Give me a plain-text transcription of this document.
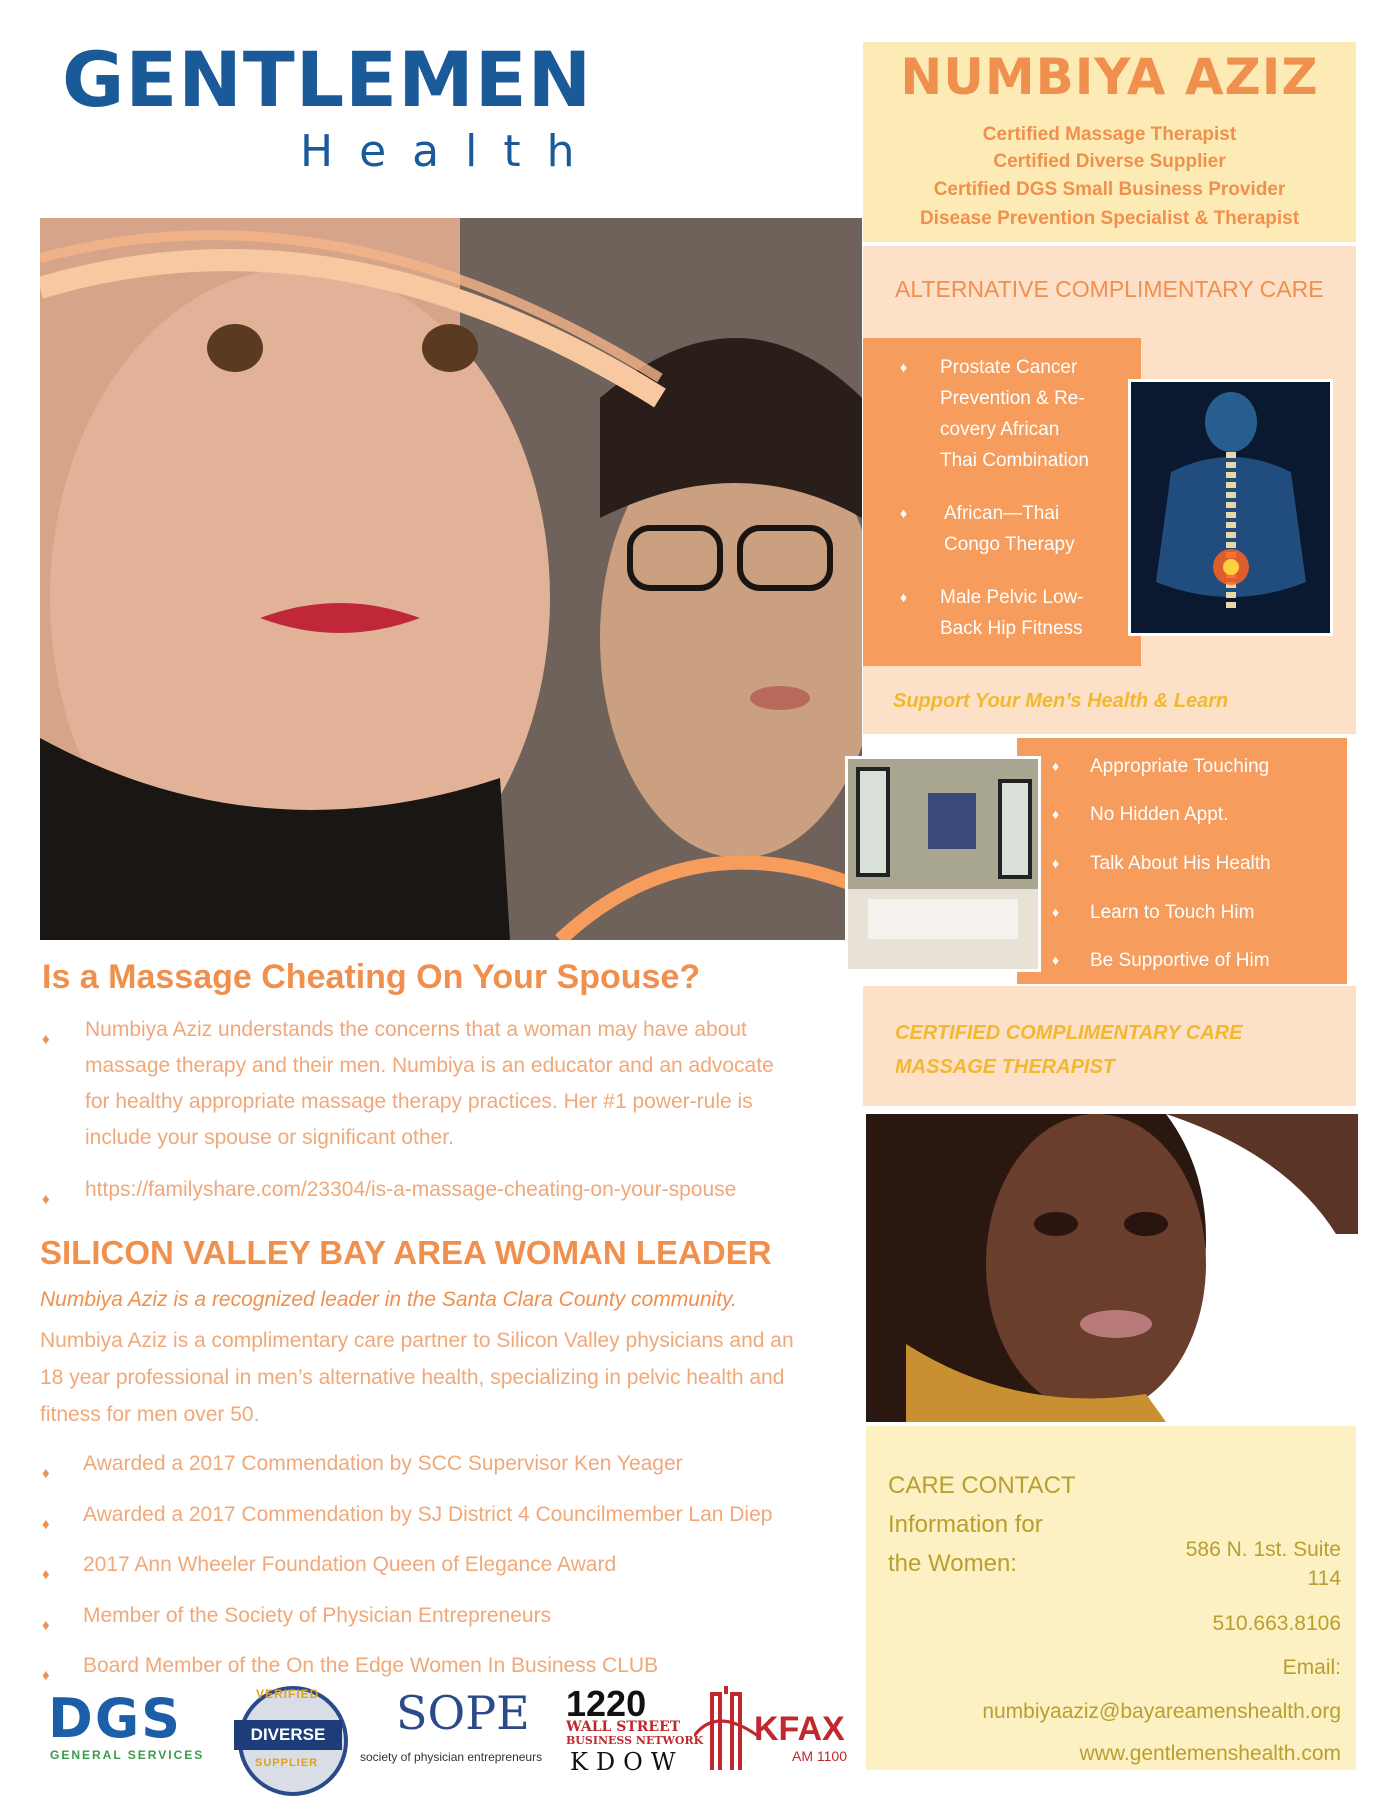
GENTLEMEN
Health
NUMBIYA AZIZ
Certified Massage Therapist
Certified Diverse Supplier
Certified DGS Small Business Provider
Disease Prevention Specialist & Therapist
ALTERNATIVE COMPLIMENTARY CARE
♦ Prostate Cancer
Prevention & Re-
covery African
Thai Combination
♦ African—Thai
Congo Therapy
♦ Male Pelvic Low-
Back Hip Fitness
Support Your Men’s Health & Learn
♦ Appropriate Touching
♦ No Hidden Appt.
♦ Talk About His Health
♦ Learn to Touch Him
♦ Be Supportive of Him
CERTIFIED COMPLIMENTARY CARE
MASSAGE THERAPIST
CARE CONTACT
Information for
the Women:
586 N. 1st. Suite
114
510.663.8106
Email:
numbiyaaziz@bayareamenshealth.org
www.gentlemenshealth.com
Is a Massage Cheating On Your Spouse?
♦ Numbiya Aziz understands the concerns that a woman may have about
massage therapy and their men. Numbiya is an educator and an advocate
for healthy appropriate massage therapy practices. Her #1 power-rule is
include your spouse or significant other.
♦ https://familyshare.com/23304/is-a-massage-cheating-on-your-spouse
SILICON VALLEY BAY AREA WOMAN LEADER
Numbiya Aziz is a recognized leader in the Santa Clara County community.
Numbiya Aziz is a complimentary care partner to Silicon Valley physicians and an
18 year professional in men’s alternative health, specializing in pelvic health and
fitness for men over 50.
♦ Awarded a 2017 Commendation by SCC Supervisor Ken Yeager
♦ Awarded a 2017 Commendation by SJ District 4 Councilmember Lan Diep
♦ 2017 Ann Wheeler Foundation Queen of Elegance Award
♦ Member of the Society of Physician Entrepreneurs
♦ Board Member of the On the Edge Women In Business CLUB
DGS
GENERAL SERVICES
VERIFIED
DIVERSE
SUPPLIER
SOPE
society of physician entrepreneurs
1220
WALL STREET
BUSINESS NETWORK
KDOW
KFAX
AM 1100
